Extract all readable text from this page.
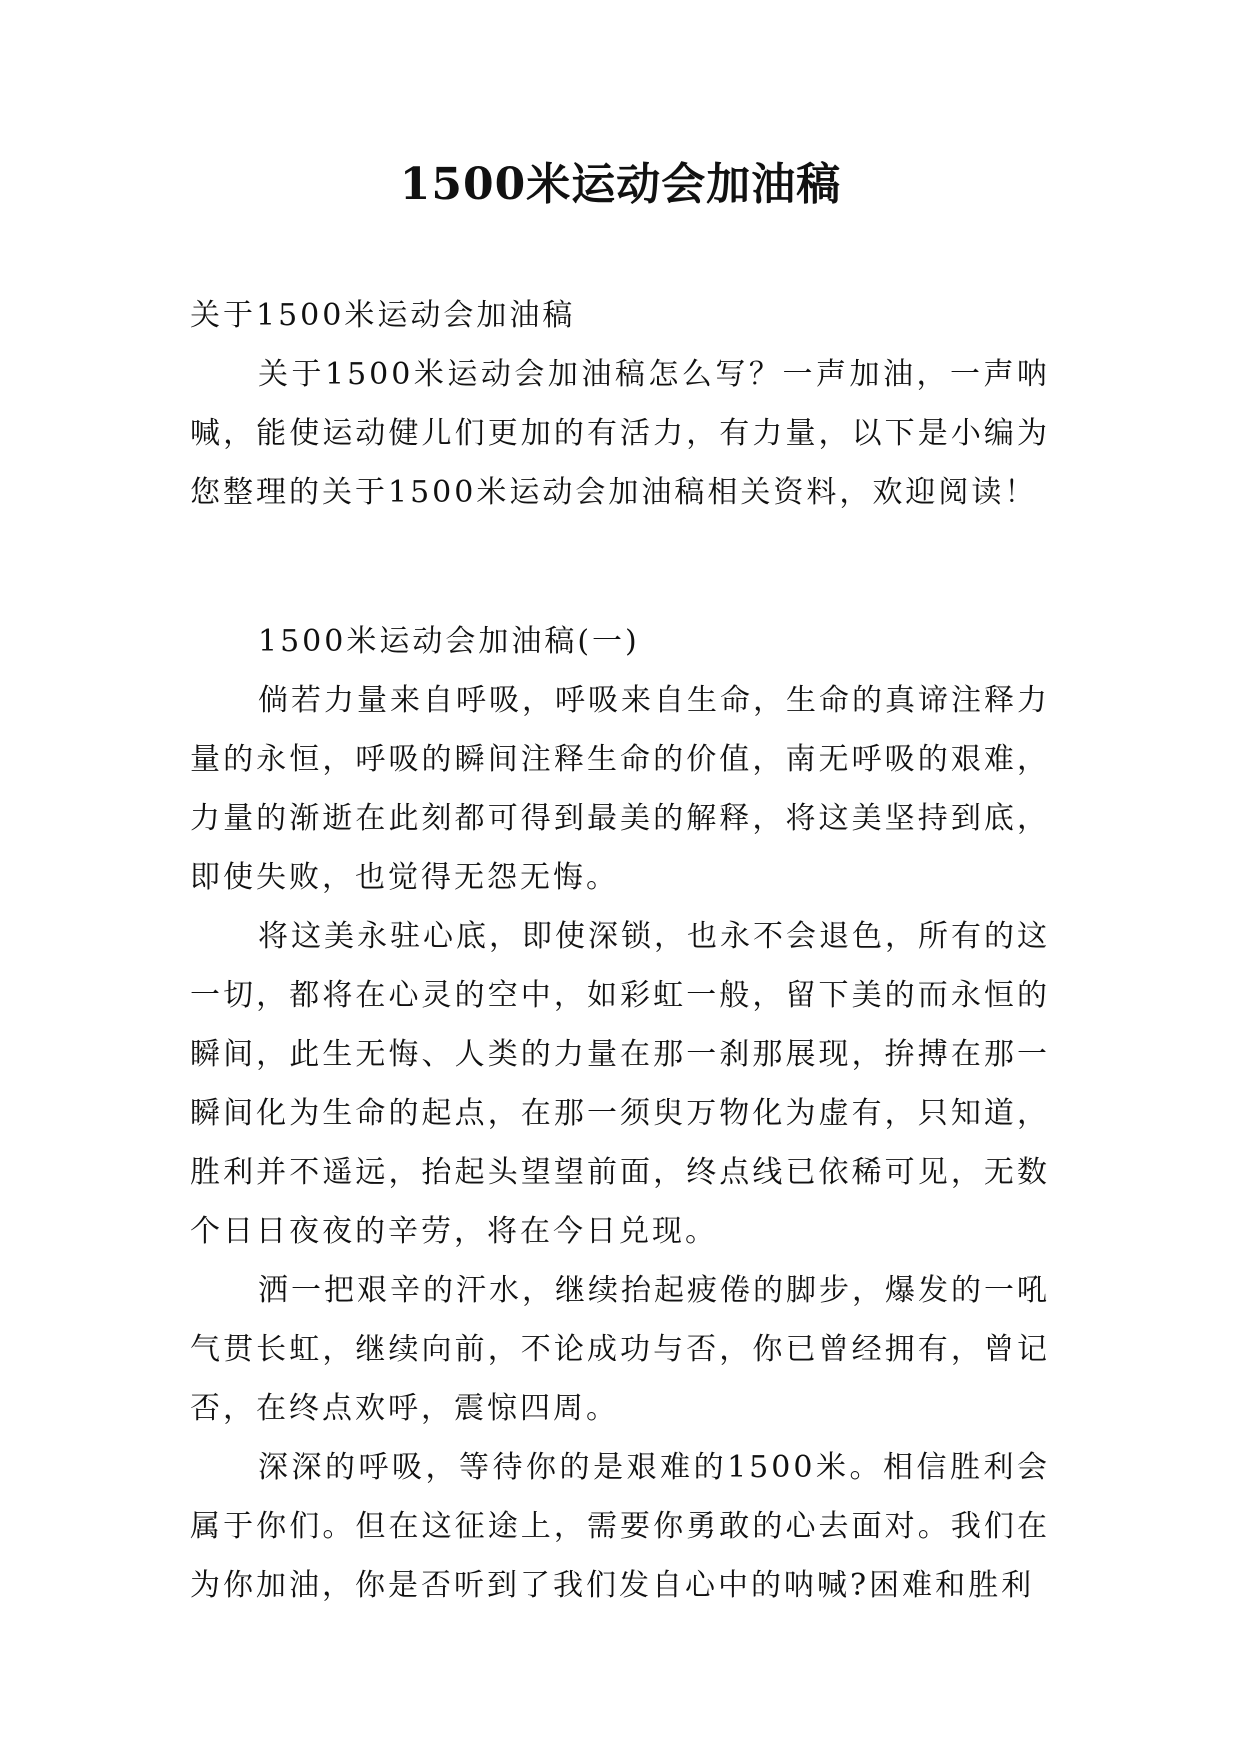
1500米运动会加油稿

关于1500米运动会加油稿

关于1500米运动会加油稿怎么写？一声加油，一声呐喊，能使运动健儿们更加的有活力，有力量，以下是小编为您整理的关于1500米运动会加油稿相关资料，欢迎阅读！

1500米运动会加油稿(一)

倘若力量来自呼吸，呼吸来自生命，生命的真谛注释力量的永恒，呼吸的瞬间注释生命的价值，南无呼吸的艰难，力量的渐逝在此刻都可得到最美的解释，将这美坚持到底，即使失败，也觉得无怨无悔。

将这美永驻心底，即使深锁，也永不会退色，所有的这一切，都将在心灵的空中，如彩虹一般，留下美的而永恒的瞬间，此生无悔、人类的力量在那一刹那展现，拚搏在那一瞬间化为生命的起点，在那一须臾万物化为虚有，只知道，胜利并不遥远，抬起头望望前面，终点线已依稀可见，无数个日日夜夜的辛劳，将在今日兑现。

洒一把艰辛的汗水，继续抬起疲倦的脚步，爆发的一吼气贯长虹，继续向前，不论成功与否，你已曾经拥有，曾记否，在终点欢呼，震惊四周。

深深的呼吸，等待你的是艰难的1500米。相信胜利会属于你们。但在这征途上，需要你勇敢的心去面对。我们在为你加油，你是否听到了我们发自心中的呐喊?困难和胜利
